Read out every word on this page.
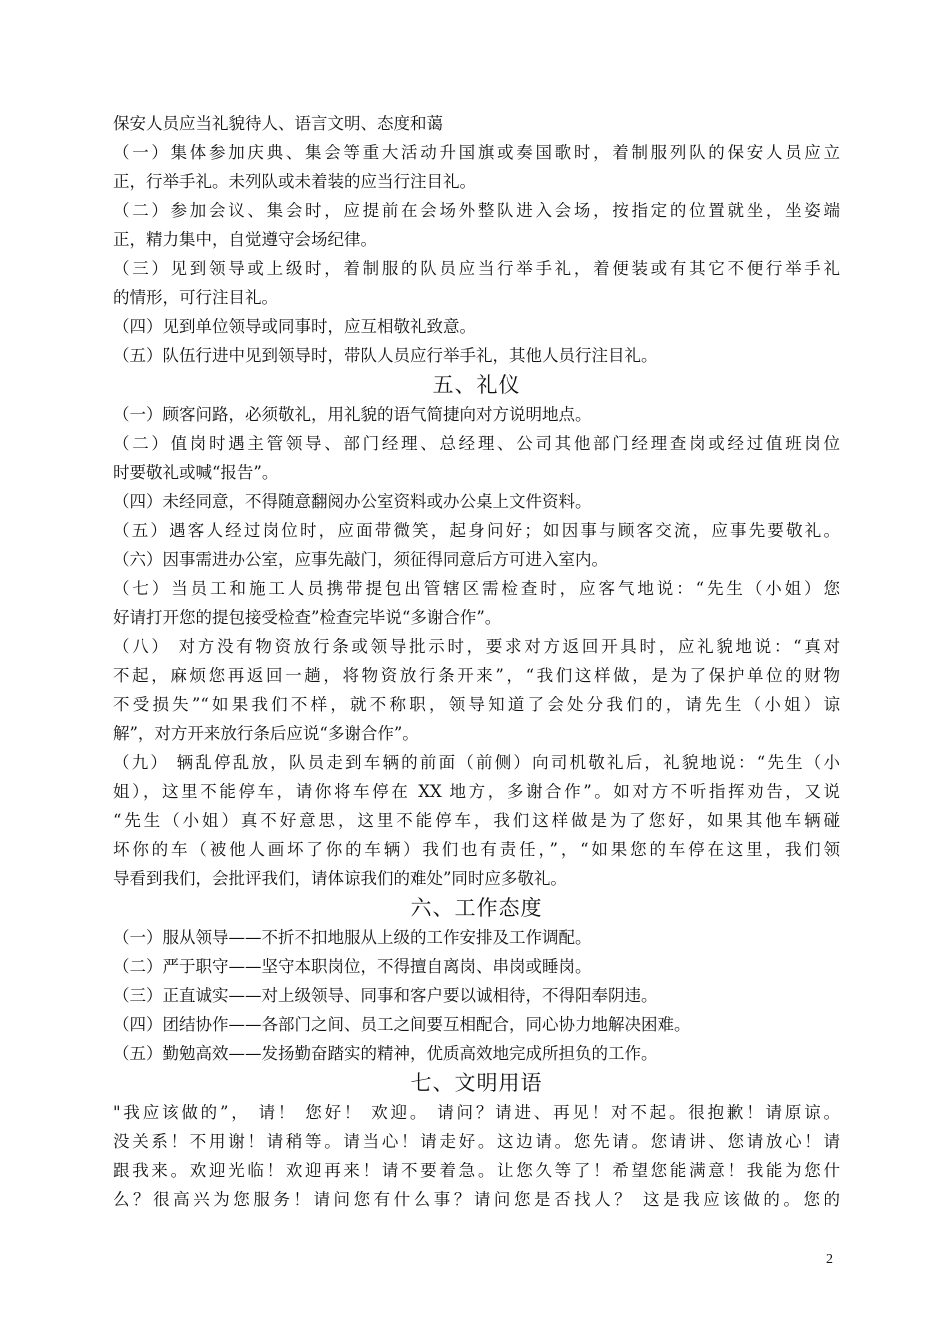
保安人员应当礼貌待人、语言文明、态度和蔼
（一）集体参加庆典、集会等重大活动升国旗或奏国歌时，着制服列队的保安人员应立
正，行举手礼。未列队或未着装的应当行注目礼。
（二）参加会议、集会时，应提前在会场外整队进入会场，按指定的位置就坐，坐姿端
正，精力集中，自觉遵守会场纪律。
（三）见到领导或上级时，着制服的队员应当行举手礼，着便装或有其它不便行举手礼
的情形，可行注目礼。
（四）见到单位领导或同事时，应互相敬礼致意。
（五）队伍行进中见到领导时，带队人员应行举手礼，其他人员行注目礼。
五、礼仪
（一）顾客问路，必须敬礼，用礼貌的语气简捷向对方说明地点。
（二）值岗时遇主管领导、部门经理、总经理、公司其他部门经理查岗或经过值班岗位
时要敬礼或喊“报告”。
（四）未经同意，不得随意翻阅办公室资料或办公桌上文件资料。
（五）遇客人经过岗位时，应面带微笑，起身问好；如因事与顾客交流，应事先要敬礼。
（六）因事需进办公室，应事先敲门，须征得同意后方可进入室内。
（七）当员工和施工人员携带提包出管辖区需检查时，应客气地说：“先生（小姐）您
好请打开您的提包接受检查”检查完毕说“多谢合作”。
（八） 对方没有物资放行条或领导批示时，要求对方返回开具时，应礼貌地说：“真对
不起，麻烦您再返回一趟，将物资放行条开来”，“我们这样做，是为了保护单位的财物
不受损失”“如果我们不样，就不称职，领导知道了会处分我们的，请先生（小姐）谅
解”，对方开来放行条后应说“多谢合作”。
（九） 辆乱停乱放，队员走到车辆的前面（前侧）向司机敬礼后，礼貌地说：“先生（小
姐），这里不能停车，请你将车停在 XX 地方，多谢合作”。如对方不听指挥劝告，又说
“先生（小姐）真不好意思，这里不能停车，我们这样做是为了您好，如果其他车辆碰
坏你的车（被他人画坏了你的车辆）我们也有责任，”，“如果您的车停在这里，我们领
导看到我们，会批评我们，请体谅我们的难处”同时应多敬礼。
六、工作态度
（一）服从领导——不折不扣地服从上级的工作安排及工作调配。
（二）严于职守——坚守本职岗位，不得擅自离岗、串岗或睡岗。
（三）正直诚实——对上级领导、同事和客户要以诚相待，不得阳奉阴违。
（四）团结协作——各部门之间、员工之间要互相配合，同心协力地解决困难。
（五）勤勉高效——发扬勤奋踏实的精神，优质高效地完成所担负的工作。
七、文明用语
"我应该做的”， 请！ 您好！ 欢迎。 请问？请进、再见！对不起。很抱歉！请原谅。
没关系！不用谢！请稍等。请当心！请走好。这边请。您先请。您请讲、您请放心！请
跟我来。欢迎光临！欢迎再来！请不要着急。让您久等了！希望您能满意！我能为您什
么？很高兴为您服务！请问您有什么事？请问您是否找人？ 这是我应该做的。您的
2
